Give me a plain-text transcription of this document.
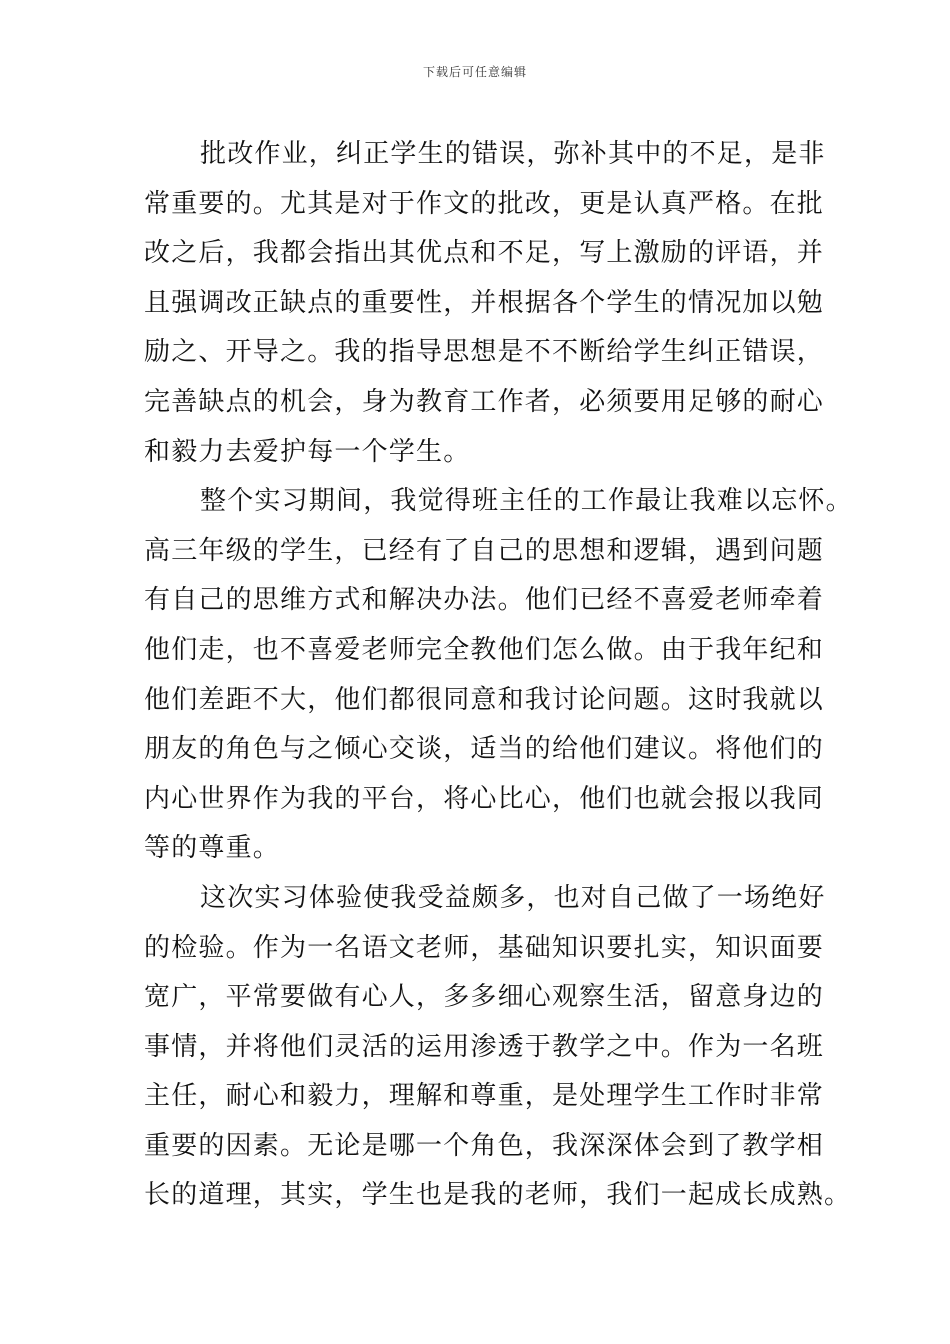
下载后可任意编辑
批改作业，纠正学生的错误，弥补其中的不足，是非
常重要的。尤其是对于作文的批改，更是认真严格。在批
改之后，我都会指出其优点和不足，写上激励的评语，并
且强调改正缺点的重要性，并根据各个学生的情况加以勉
励之、开导之。我的指导思想是不不断给学生纠正错误，
完善缺点的机会，身为教育工作者，必须要用足够的耐心
和毅力去爱护每一个学生。
整个实习期间，我觉得班主任的工作最让我难以忘怀。
高三年级的学生，已经有了自己的思想和逻辑，遇到问题
有自己的思维方式和解决办法。他们已经不喜爱老师牵着
他们走，也不喜爱老师完全教他们怎么做。由于我年纪和
他们差距不大，他们都很同意和我讨论问题。这时我就以
朋友的角色与之倾心交谈，适当的给他们建议。将他们的
内心世界作为我的平台，将心比心，他们也就会报以我同
等的尊重。
这次实习体验使我受益颇多，也对自己做了一场绝好
的检验。作为一名语文老师，基础知识要扎实，知识面要
宽广，平常要做有心人，多多细心观察生活，留意身边的
事情，并将他们灵活的运用渗透于教学之中。作为一名班
主任，耐心和毅力，理解和尊重，是处理学生工作时非常
重要的因素。无论是哪一个角色，我深深体会到了教学相
长的道理，其实，学生也是我的老师，我们一起成长成熟。
